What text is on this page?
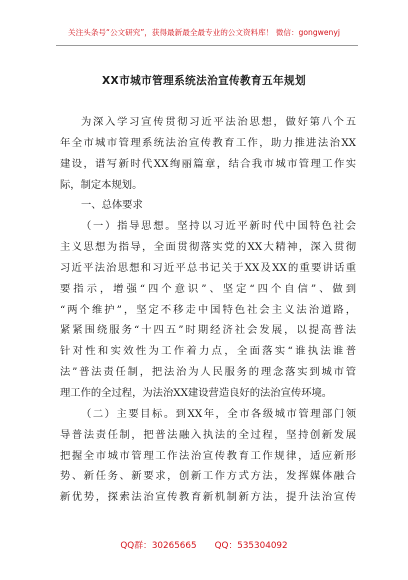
关注头条号“公文研究”，获得最新最全最专业的公文资料库！ 微信：gongwenyj
XX市城市管理系统法治宣传教育五年规划
为深入学习宣传贯彻习近平法治思想，做好第八个五
年全市城市管理系统法治宣传教育工作，助力推进法治XX
建设，谱写新时代XX绚丽篇章，结合我市城市管理工作实
际，制定本规划。
一、总体要求
（一）指导思想。坚持以习近平新时代中国特色社会
主义思想为指导，全面贯彻落实党的XX大精神，深入贯彻
习近平法治思想和习近平总书记关于XX及XX的重要讲话重
要指示，增强“四个意识”、坚定“四个自信”、做到
“两个维护”，坚定不移走中国特色社会主义法治道路，
紧紧围绕服务“十四五”时期经济社会发展，以提高普法
针对性和实效性为工作着力点，全面落实“谁执法谁普
法”普法责任制，把法治为人民服务的理念落实到城市管
理工作的全过程，为法治XX建设营造良好的法治宣传环境。
（二）主要目标。到XX年，全市各级城市管理部门领
导普法责任制，把普法融入执法的全过程，坚持创新发展
把握全市城市管理工作法治宣传教育工作规律，适应新形
势、新任务、新要求，创新工作方式方法，发挥媒体融合
新优势，探索法治宣传教育新机制新方法，提升法治宣传
QQ群：30265665 QQ：535304092
